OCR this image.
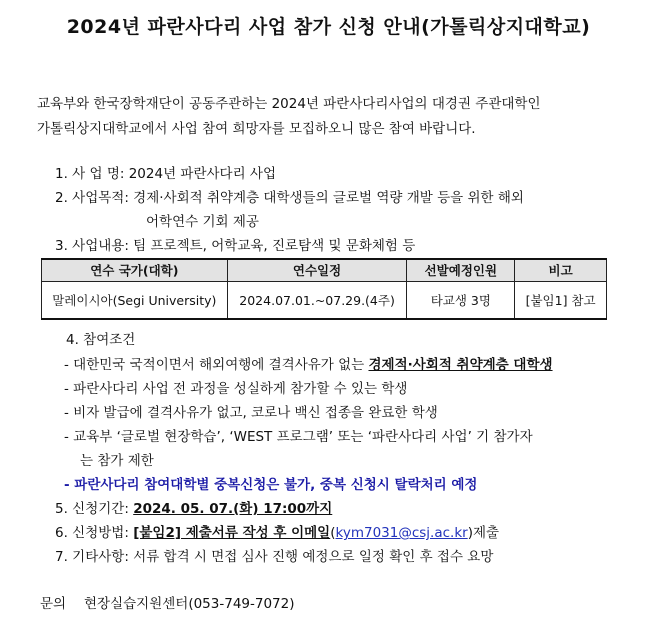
2024년 파란사다리 사업 참가 신청 안내(가톨릭상지대학교)
교육부와 한국장학재단이 공동주관하는 2024년 파란사다리사업의 대경권 주관대학인
가톨릭상지대학교에서 사업 참여 희망자를 모집하오니 많은 참여 바랍니다.
1. 사 업 명: 2024년 파란사다리 사업
2. 사업목적: 경제·사회적 취약계층 대학생들의 글로벌 역량 개발 등을 위한 해외
어학연수 기회 제공
3. 사업내용: 팀 프로젝트, 어학교육, 진로탐색 및 문화체험 등
연수 국가(대학)	연수일정	선발예정인원	비고
말레이시아(Segi University)	2024.07.01.~07.29.(4주)	타교생 3명	[붙임1] 참고
4. 참여조건
- 대한민국 국적이면서 해외여행에 결격사유가 없는 경제적·사회적 취약계층 대학생
- 파란사다리 사업 전 과정을 성실하게 참가할 수 있는 학생
- 비자 발급에 결격사유가 없고, 코로나 백신 접종을 완료한 학생
- 교육부 ‘글로벌 현장학습’, ‘WEST 프로그램’ 또는 ‘파란사다리 사업’ 기 참가자
는 참가 제한
- 파란사다리 참여대학별 중복신청은 불가, 중복 신청시 탈락처리 예정
5. 신청기간: 2024. 05. 07.(화) 17:00까지
6. 신청방법: [붙임2] 제출서류 작성 후 이메일(kym7031@csj.ac.kr)제출
7. 기타사항: 서류 합격 시 면접 심사 진행 예정으로 일정 확인 후 접수 요망
문의 현장실습지원센터(053-749-7072)
